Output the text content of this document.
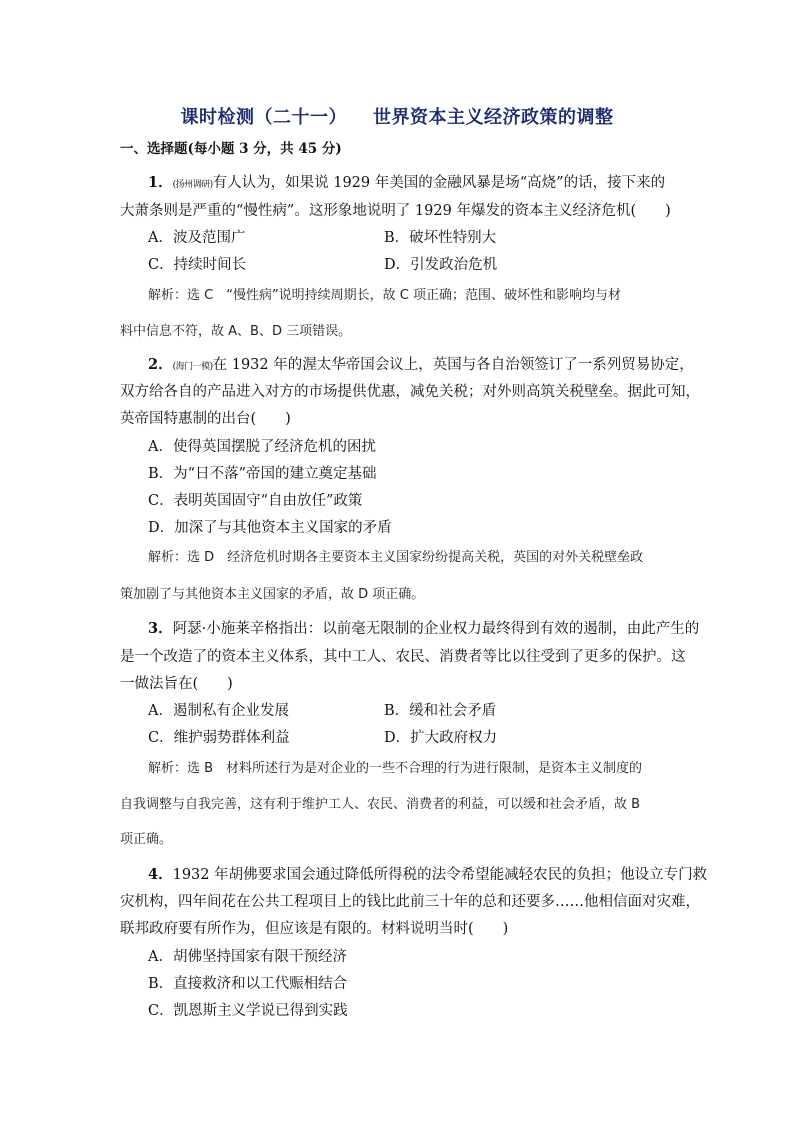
课时检测（二十一） 世界资本主义经济政策的调整
一、选择题(每小题 3 分，共 45 分)
1．(扬州调研)有人认为，如果说 1929 年美国的金融风暴是场“高烧”的话，接下来的
大萧条则是严重的“慢性病”。这形象地说明了 1929 年爆发的资本主义经济危机(　　)
A．波及范围广	B．破坏性特别大
C．持续时间长	D．引发政治危机
解析：选 C　“慢性病”说明持续周期长，故 C 项正确；范围、破坏性和影响均与材
料中信息不符，故 A、B、D 三项错误。
2．(海门一模)在 1932 年的渥太华帝国会议上，英国与各自治领签订了一系列贸易协定，
双方给各自的产品进入对方的市场提供优惠，减免关税；对外则高筑关税壁垒。据此可知，
英帝国特惠制的出台(　　)
A．使得英国摆脱了经济危机的困扰
B．为“日不落”帝国的建立奠定基础
C．表明英国固守“自由放任”政策
D．加深了与其他资本主义国家的矛盾
解析：选 D　经济危机时期各主要资本主义国家纷纷提高关税，英国的对外关税壁垒政
策加剧了与其他资本主义国家的矛盾，故 D 项正确。
3．阿瑟·小施莱辛格指出：以前毫无限制的企业权力最终得到有效的遏制，由此产生的
是一个改造了的资本主义体系，其中工人、农民、消费者等比以往受到了更多的保护。这
一做法旨在(　　)
A．遏制私有企业发展	B．缓和社会矛盾
C．维护弱势群体利益	D．扩大政府权力
解析：选 B　材料所述行为是对企业的一些不合理的行为进行限制，是资本主义制度的
自我调整与自我完善，这有利于维护工人、农民、消费者的利益，可以缓和社会矛盾，故 B
项正确。
4．1932 年胡佛要求国会通过降低所得税的法令希望能减轻农民的负担；他设立专门救
灾机构，四年间花在公共工程项目上的钱比此前三十年的总和还要多……他相信面对灾难，
联邦政府要有所作为，但应该是有限的。材料说明当时(　　)
A．胡佛坚持国家有限干预经济
B．直接救济和以工代赈相结合
C．凯恩斯主义学说已得到实践
